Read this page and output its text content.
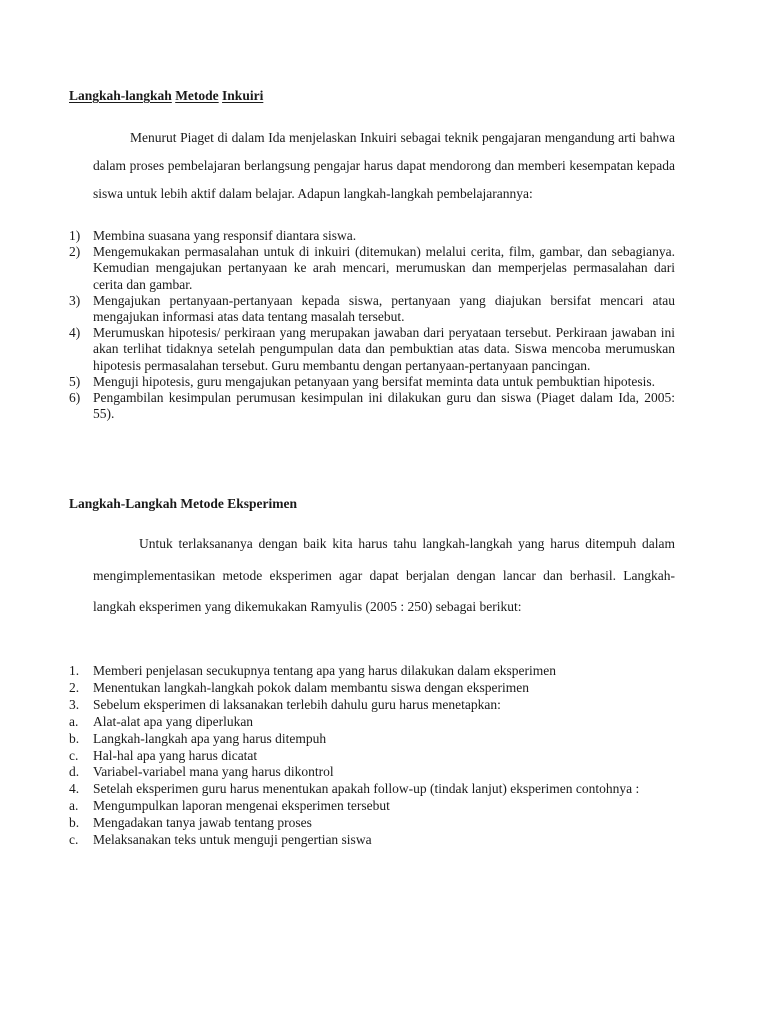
Langkah-langkah Metode Inkuiri

Menurut Piaget di dalam Ida menjelaskan Inkuiri sebagai teknik pengajaran mengandung arti bahwa dalam proses pembelajaran berlangsung pengajar harus dapat mendorong dan memberi kesempatan kepada siswa untuk lebih aktif dalam belajar. Adapun langkah-langkah pembelajarannya:

1) Membina suasana yang responsif diantara siswa.
2) Mengemukakan permasalahan untuk di inkuiri (ditemukan) melalui cerita, film, gambar, dan sebagianya. Kemudian mengajukan pertanyaan ke arah mencari, merumuskan dan memperjelas permasalahan dari cerita dan gambar.
3) Mengajukan pertanyaan-pertanyaan kepada siswa, pertanyaan yang diajukan bersifat mencari atau mengajukan informasi atas data tentang masalah tersebut.
4) Merumuskan hipotesis/ perkiraan yang merupakan jawaban dari peryataan tersebut. Perkiraan jawaban ini akan terlihat tidaknya setelah pengumpulan data dan pembuktian atas data. Siswa mencoba merumuskan hipotesis permasalahan tersebut. Guru membantu dengan pertanyaan-pertanyaan pancingan.
5) Menguji hipotesis, guru mengajukan petanyaan yang bersifat meminta data untuk pembuktian hipotesis.
6) Pengambilan kesimpulan perumusan kesimpulan ini dilakukan guru dan siswa (Piaget dalam Ida, 2005: 55).
Langkah-Langkah Metode Eksperimen

Untuk terlaksananya dengan baik kita harus tahu langkah-langkah yang harus ditempuh dalam mengimplementasikan metode eksperimen agar dapat berjalan dengan lancar dan berhasil. Langkah-langkah eksperimen yang dikemukakan Ramyulis (2005 : 250) sebagai berikut:

1. Memberi penjelasan secukupnya tentang apa yang harus dilakukan dalam eksperimen
2. Menentukan langkah-langkah pokok dalam membantu siswa dengan eksperimen
3. Sebelum eksperimen di laksanakan terlebih dahulu guru harus menetapkan:
a. Alat-alat apa yang diperlukan
b. Langkah-langkah apa yang harus ditempuh
c. Hal-hal apa yang harus dicatat
d. Variabel-variabel mana yang harus dikontrol
4. Setelah eksperimen guru harus menentukan apakah follow-up (tindak lanjut) eksperimen contohnya :
a. Mengumpulkan laporan mengenai eksperimen tersebut
b. Mengadakan tanya jawab tentang proses
c. Melaksanakan teks untuk menguji pengertian siswa
